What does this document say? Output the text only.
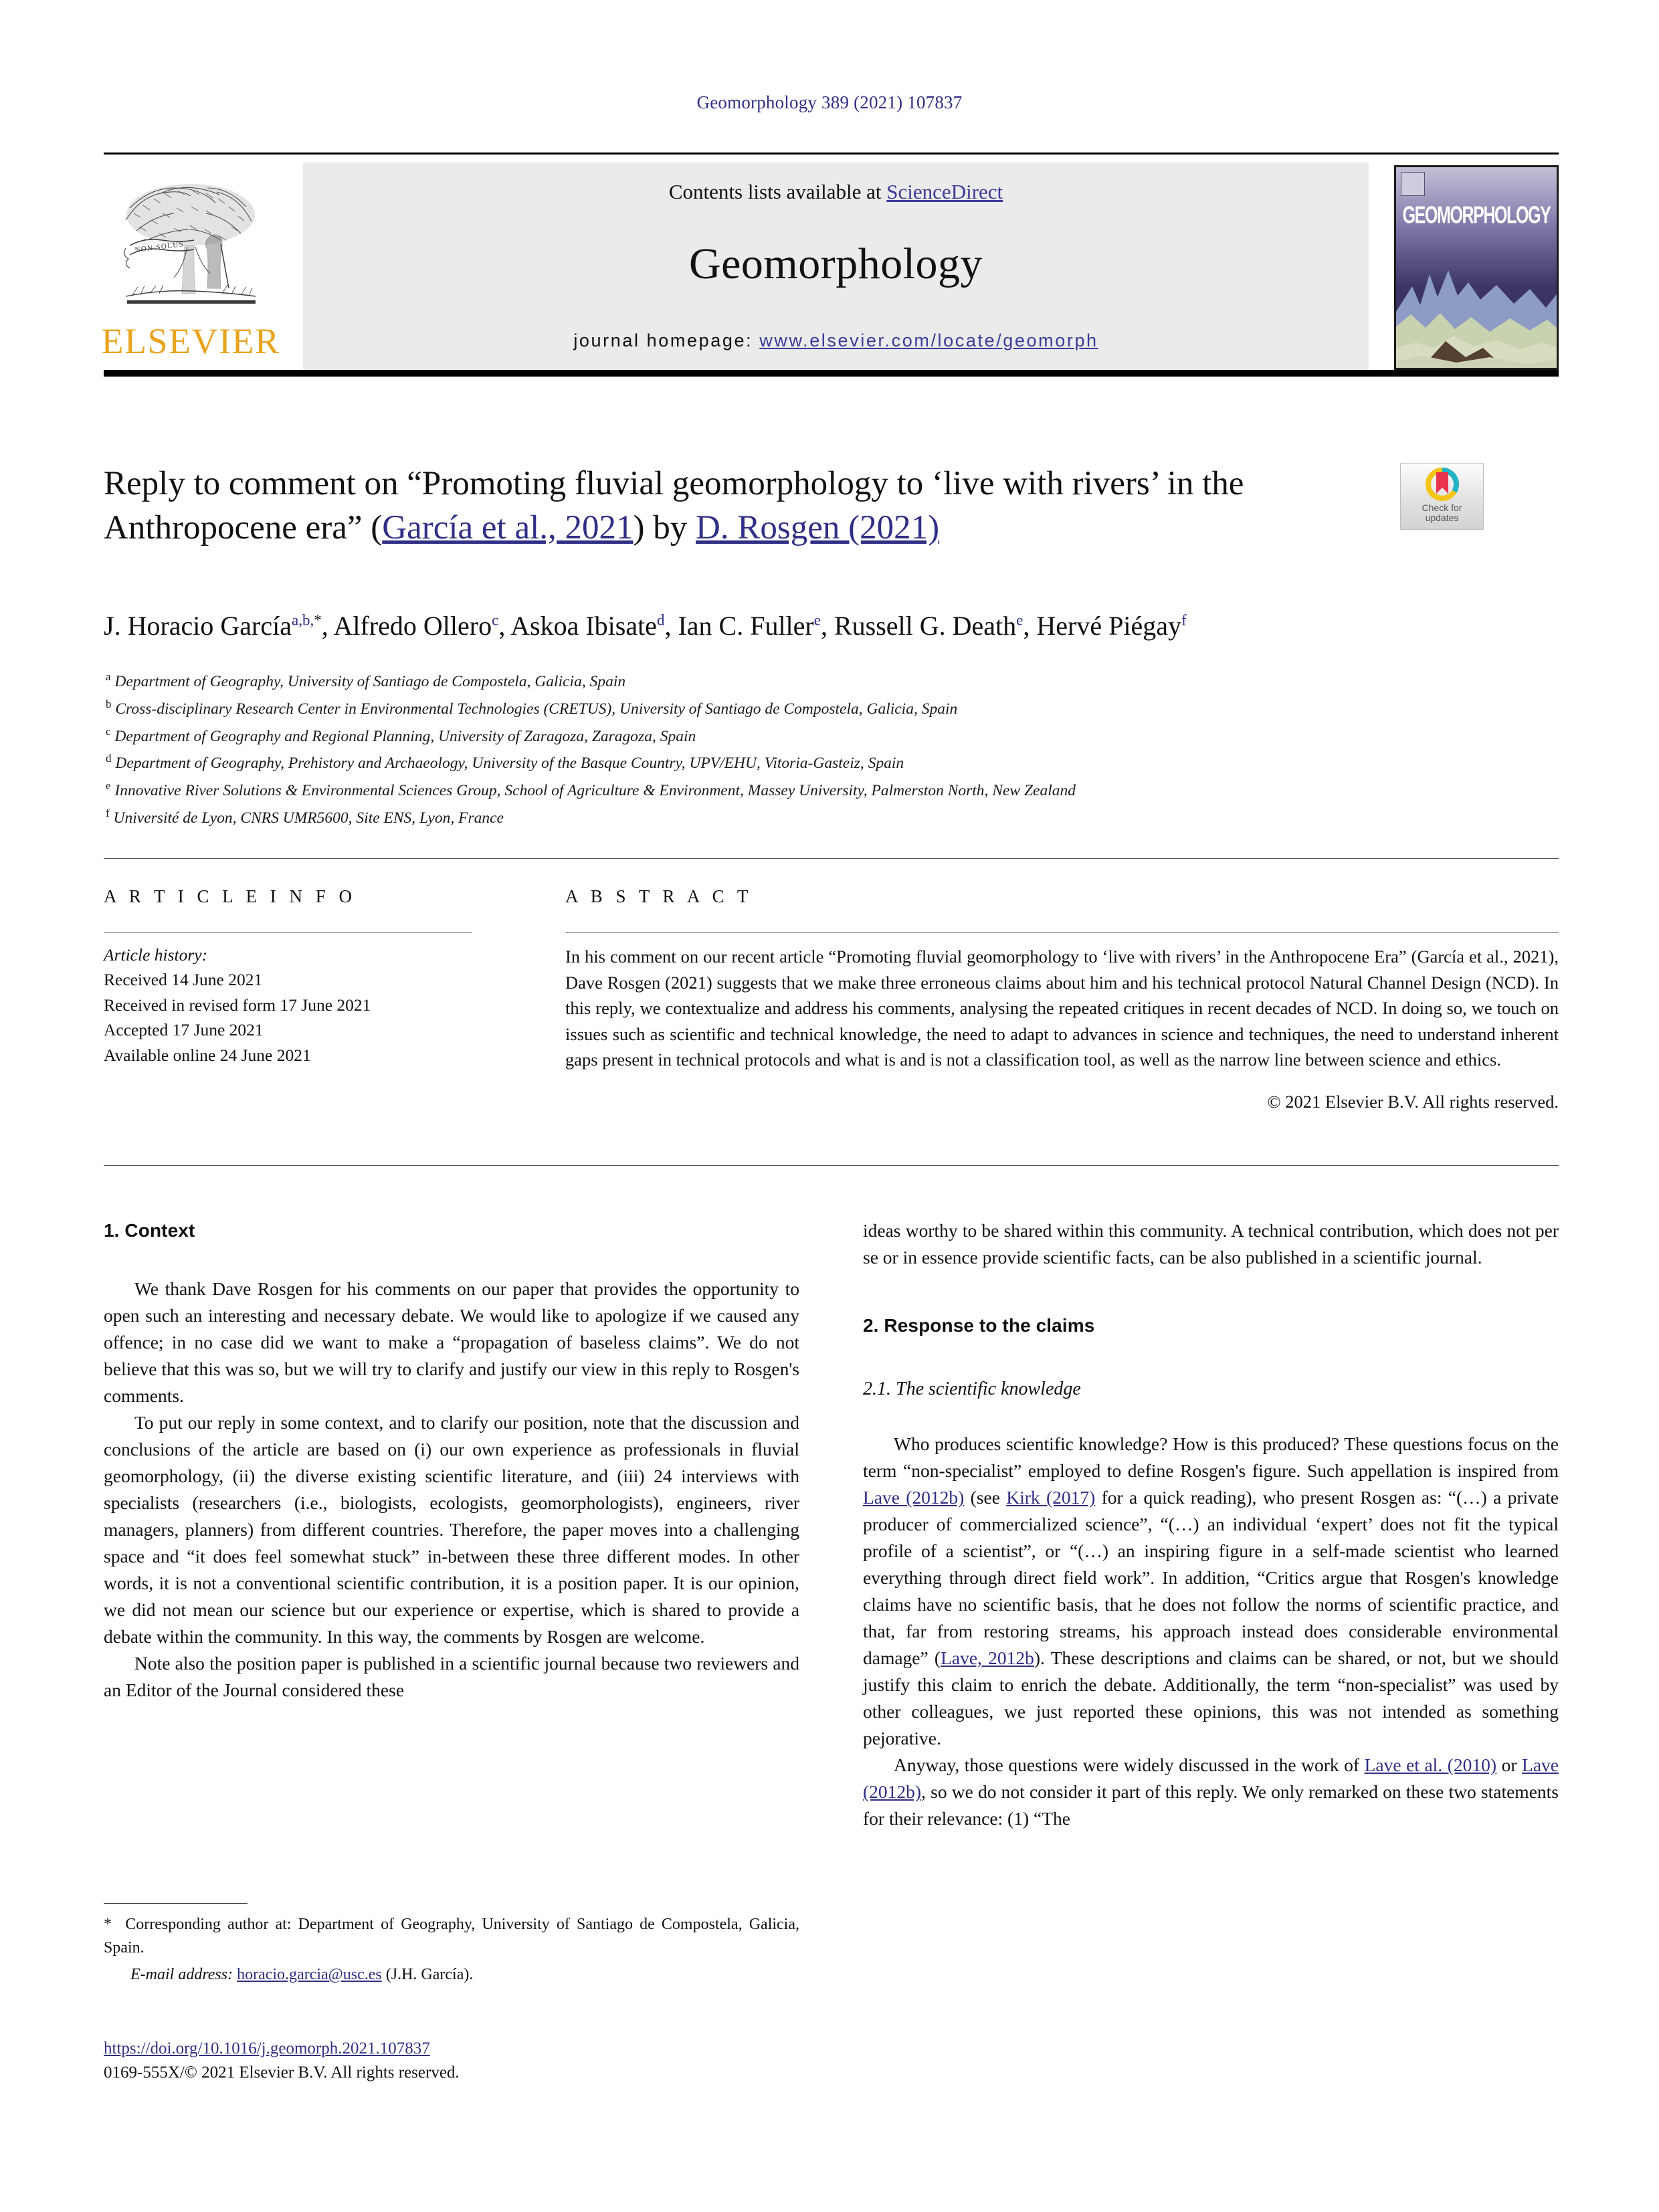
Geomorphology 389 (2021) 107837
NON SOLUS
ELSEVIER
Contents lists available at ScienceDirect
Geomorphology
journal homepage: www.elsevier.com/locate/geomorph
GEOMORPHOLOGY
Reply to comment on “Promoting fluvial geomorphology to ‘live with rivers’ in the Anthropocene era” (García et al., 2021) by D. Rosgen (2021)
Check for
updates
J. Horacio García$^{a,b,*}$, Alfredo Ollero$^c$, Askoa Ibisate$^d$, Ian C. Fuller$^e$, Russell G. Death$^e$, Hervé Piégay$^f$
$^a$ Department of Geography, University of Santiago de Compostela, Galicia, Spain
$^b$ Cross-disciplinary Research Center in Environmental Technologies (CRETUS), University of Santiago de Compostela, Galicia, Spain
$^c$ Department of Geography and Regional Planning, University of Zaragoza, Zaragoza, Spain
$^d$ Department of Geography, Prehistory and Archaeology, University of the Basque Country, UPV/EHU, Vitoria-Gasteiz, Spain
$^e$ Innovative River Solutions & Environmental Sciences Group, School of Agriculture & Environment, Massey University, Palmerston North, New Zealand
$^f$ Université de Lyon, CNRS UMR5600, Site ENS, Lyon, France
A R T I C L E I N F O
Article history:
Received 14 June 2021
Received in revised form 17 June 2021
Accepted 17 June 2021
Available online 24 June 2021
A B S T R A C T
In his comment on our recent article “Promoting fluvial geomorphology to ‘live with rivers’ in the Anthropocene Era” (García et al., 2021), Dave Rosgen (2021) suggests that we make three erroneous claims about him and his technical protocol Natural Channel Design (NCD). In this reply, we contextualize and address his comments, analysing the repeated critiques in recent decades of NCD. In doing so, we touch on issues such as scientific and technical knowledge, the need to adapt to advances in science and techniques, the need to understand inherent gaps present in technical protocols and what is and is not a classification tool, as well as the narrow line between science and ethics.
© 2021 Elsevier B.V. All rights reserved.
1. Context

We thank Dave Rosgen for his comments on our paper that provides the opportunity to open such an interesting and necessary debate. We would like to apologize if we caused any offence; in no case did we want to make a “propagation of baseless claims”. We do not believe that this was so, but we will try to clarify and justify our view in this reply to Rosgen's comments.

To put our reply in some context, and to clarify our position, note that the discussion and conclusions of the article are based on (i) our own experience as professionals in fluvial geomorphology, (ii) the diverse existing scientific literature, and (iii) 24 interviews with specialists (researchers (i.e., biologists, ecologists, geomorphologists), engineers, river managers, planners) from different countries. Therefore, the paper moves into a challenging space and “it does feel somewhat stuck” in-between these three different modes. In other words, it is not a conventional scientific contribution, it is a position paper. It is our opinion, we did not mean our science but our experience or expertise, which is shared to provide a debate within the community. In this way, the comments by Rosgen are welcome.

Note also the position paper is published in a scientific journal because two reviewers and an Editor of the Journal considered these

ideas worthy to be shared within this community. A technical contribution, which does not per se or in essence provide scientific facts, can be also published in a scientific journal.

2. Response to the claims
2.1. The scientific knowledge

Who produces scientific knowledge? How is this produced? These questions focus on the term “non-specialist” employed to define Rosgen's figure. Such appellation is inspired from Lave (2012b) (see Kirk (2017) for a quick reading), who present Rosgen as: “(…) a private producer of commercialized science”, “(…) an individual ‘expert’ does not fit the typical profile of a scientist”, or “(…) an inspiring figure in a self-made scientist who learned everything through direct field work”. In addition, “Critics argue that Rosgen's knowledge claims have no scientific basis, that he does not follow the norms of scientific practice, and that, far from restoring streams, his approach instead does considerable environmental damage” (Lave, 2012b). These descriptions and claims can be shared, or not, but we should justify this claim to enrich the debate. Additionally, the term “non-specialist” was used by other colleagues, we just reported these opinions, this was not intended as something pejorative.

Anyway, those questions were widely discussed in the work of Lave et al. (2010) or Lave (2012b), so we do not consider it part of this reply. We only remarked on these two statements for their relevance: (1) “The

* Corresponding author at: Department of Geography, University of Santiago de Compostela, Galicia, Spain.

E-mail address: horacio.garcia@usc.es (J.H. García).

https://doi.org/10.1016/j.geomorph.2021.107837
0169-555X/© 2021 Elsevier B.V. All rights reserved.
